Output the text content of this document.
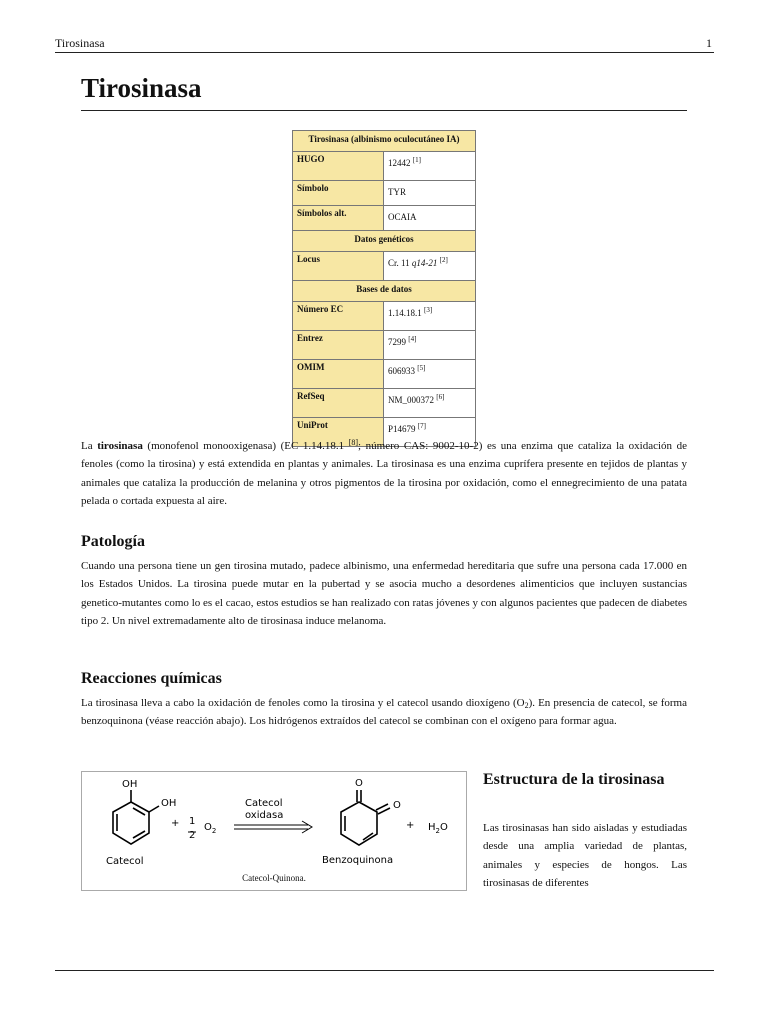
Tirosinasa	1
Tirosinasa
Tirosinasa (albinismo oculocutáneo IA)	
HUGO	12442 [1]
Símbolo	TYR
Símbolos alt.	OCAIA
Datos genéticos	
Locus	Cr. 11 q14-21 [2]
Bases de datos	
Número EC	1.14.18.1 [3]
Entrez	7299 [4]
OMIM	606933 [5]
RefSeq	NM_000372 [6]
UniProt	P14679 [7]

La tirosinasa (monofenol monooxigenasa) (EC 1.14.18.1 [8]; número CAS: 9002-10-2) es una enzima que cataliza la oxidación de fenoles (como la tirosina) y está extendida en plantas y animales. La tirosinasa es una enzima cuprífera presente en tejidos de plantas y animales que cataliza la producción de melanina y otros pigmentos de la tirosina por oxidación, como el ennegrecimiento de una patata pelada o cortada expuesta al aire.

Patología

Cuando una persona tiene un gen tirosina mutado, padece albinismo, una enfermedad hereditaria que sufre una persona cada 17.000 en los Estados Unidos. La tirosina puede mutar en la pubertad y se asocia mucho a desordenes alimenticios que incluyen sustancias genetico-mutantes como lo es el cacao, estos estudios se han realizado con ratas jóvenes y con algunos pacientes que padecen de diabetes tipo 2. Un nivel extremadamente alto de tirosinasa induce melanoma.

Reacciones químicas

La tirosinasa lleva a cabo la oxidación de fenoles como la tirosina y el catecol usando dioxígeno $(O_2)$. En presencia de catecol, se forma benzoquinona (véase reacción abajo). Los hidrógenos extraídos del catecol se combinan con el oxígeno para formar agua.

OH
OH
Catecol
+ 1
2
$O_2$
Catecol
oxidasa
O
O
Benzoquinona
+ $H_2O$
Catecol-Quinona.
Estructura de la tirosinasa

Las tirosinasas han sido aisladas y estudiadas desde una amplia variedad de plantas, animales y especies de hongos. Las tirosinasas de diferentes
